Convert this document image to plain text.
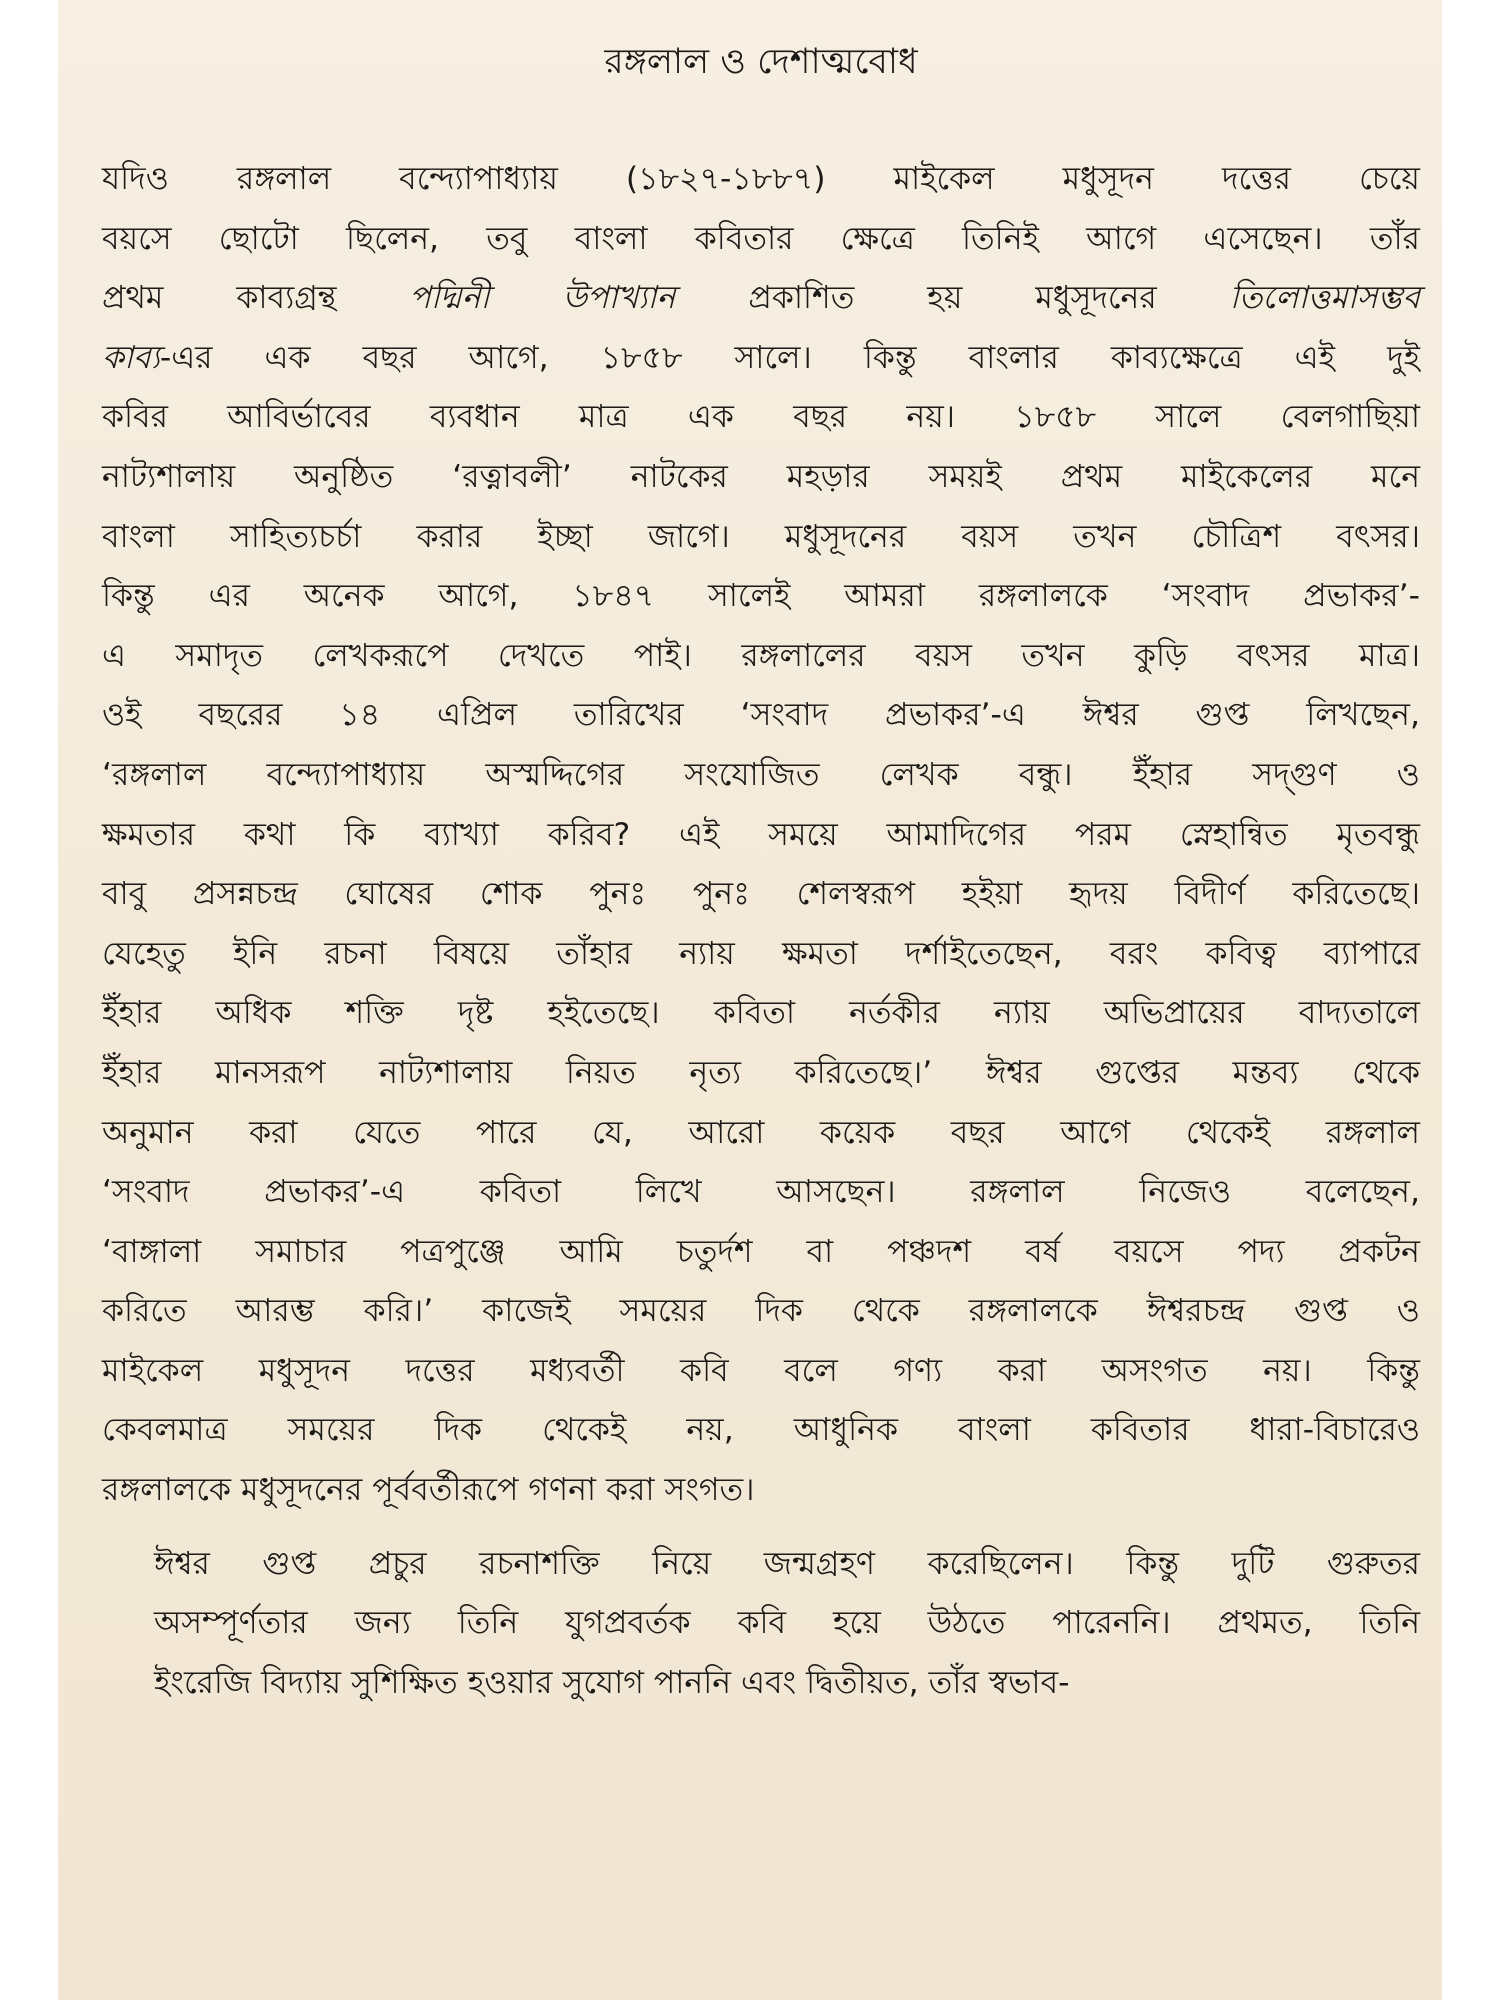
রঙ্গলাল ও দেশাত্মবোধ
যদিও রঙ্গলাল বন্দ্যোপাধ্যায় (১৮২৭-১৮৮৭) মাইকেল মধুসূদন দত্তের চেয়ে
বয়সে ছোটো ছিলেন, তবু বাংলা কবিতার ক্ষেত্রে তিনিই আগে এসেছেন। তাঁর
প্রথম কাব্যগ্রন্থ পদ্মিনী উপাখ্যান প্রকাশিত হয় মধুসূদনের তিলোত্তমাসম্ভব
কাব্য-এর এক বছর আগে, ১৮৫৮ সালে। কিন্তু বাংলার কাব্যক্ষেত্রে এই দুই
কবির আবির্ভাবের ব্যবধান মাত্র এক বছর নয়। ১৮৫৮ সালে বেলগাছিয়া
নাট্যশালায় অনুষ্ঠিত ‘রত্নাবলী’ নাটকের মহড়ার সময়ই প্রথম মাইকেলের মনে
বাংলা সাহিত্যচর্চা করার ইচ্ছা জাগে। মধুসূদনের বয়স তখন চৌত্রিশ বৎসর।
কিন্তু এর অনেক আগে, ১৮৪৭ সালেই আমরা রঙ্গলালকে ‘সংবাদ প্রভাকর’-
এ সমাদৃত লেখকরূপে দেখতে পাই। রঙ্গলালের বয়স তখন কুড়ি বৎসর মাত্র।
ওই বছরের ১৪ এপ্রিল তারিখের ‘সংবাদ প্রভাকর’-এ ঈশ্বর গুপ্ত লিখছেন,
‘রঙ্গলাল বন্দ্যোপাধ্যায় অস্মদ্দিগের সংযোজিত লেখক বন্ধু। ইঁহার সদ্গুণ ও
ক্ষমতার কথা কি ব্যাখ্যা করিব? এই সময়ে আমাদিগের পরম স্নেহান্বিত মৃতবন্ধু
বাবু প্রসন্নচন্দ্র ঘোষের শোক পুনঃ পুনঃ শেলস্বরূপ হইয়া হৃদয় বিদীর্ণ করিতেছে।
যেহেতু ইনি রচনা বিষয়ে তাঁহার ন্যায় ক্ষমতা দর্শাইতেছেন, বরং কবিত্ব ব্যাপারে
ইঁহার অধিক শক্তি দৃষ্ট হইতেছে। কবিতা নর্তকীর ন্যায় অভিপ্রায়ের বাদ্যতালে
ইঁহার মানসরূপ নাট্যশালায় নিয়ত নৃত্য করিতেছে।’ ঈশ্বর গুপ্তের মন্তব্য থেকে
অনুমান করা যেতে পারে যে, আরো কয়েক বছর আগে থেকেই রঙ্গলাল
‘সংবাদ প্রভাকর’-এ কবিতা লিখে আসছেন। রঙ্গলাল নিজেও বলেছেন,
‘বাঙ্গালা সমাচার পত্রপুঞ্জে আমি চতুর্দশ বা পঞ্চদশ বর্ষ বয়সে পদ্য প্রকটন
করিতে আরম্ভ করি।’ কাজেই সময়ের দিক থেকে রঙ্গলালকে ঈশ্বরচন্দ্র গুপ্ত ও
মাইকেল মধুসূদন দত্তের মধ্যবর্তী কবি বলে গণ্য করা অসংগত নয়। কিন্তু
কেবলমাত্র সময়ের দিক থেকেই নয়, আধুনিক বাংলা কবিতার ধারা-বিচারেও
রঙ্গলালকে মধুসূদনের পূর্ববর্তীরূপে গণনা করা সংগত।
ঈশ্বর গুপ্ত প্রচুর রচনাশক্তি নিয়ে জন্মগ্রহণ করেছিলেন। কিন্তু দুটি গুরুতর
অসম্পূর্ণতার জন্য তিনি যুগপ্রবর্তক কবি হয়ে উঠতে পারেননি। প্রথমত, তিনি
ইংরেজি বিদ্যায় সুশিক্ষিত হওয়ার সুযোগ পাননি এবং দ্বিতীয়ত, তাঁর স্বভাব-
